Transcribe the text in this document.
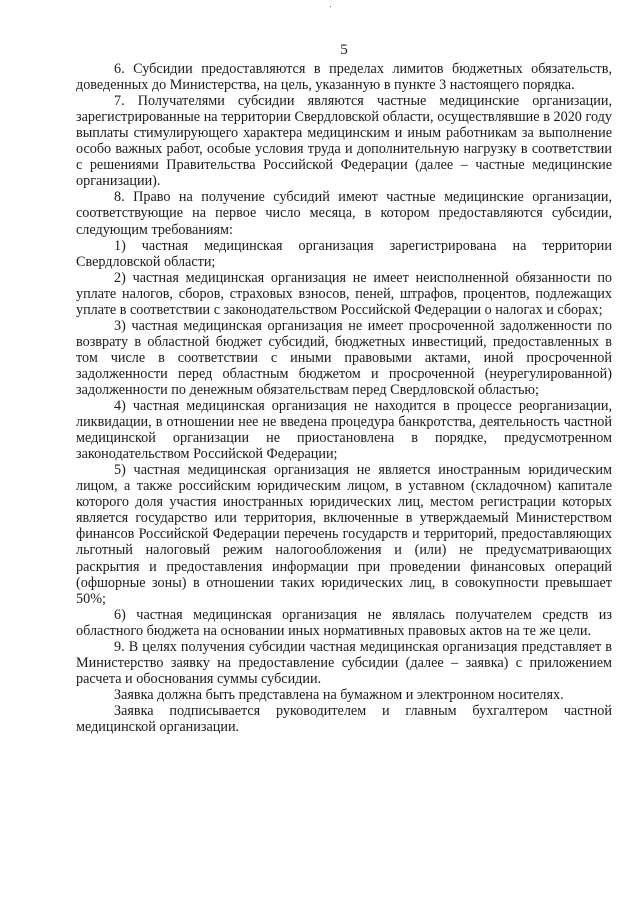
5

6. Субсидии предоставляются в пределах лимитов бюджетных обязательств, доведенных до Министерства, на цель, указанную в пункте 3 настоящего порядка.

7. Получателями субсидии являются частные медицинские организации, зарегистрированные на территории Свердловской области, осуществлявшие в 2020 году выплаты стимулирующего характера медицинским и иным работникам за выполнение особо важных работ, особые условия труда и дополнительную нагрузку в соответствии с решениями Правительства Российской Федерации (далее – частные медицинские организации).

8. Право на получение субсидий имеют частные медицинские организации, соответствующие на первое число месяца, в котором предоставляются субсидии, следующим требованиям:

1) частная медицинская организация зарегистрирована на территории Свердловской области;

2) частная медицинская организация не имеет неисполненной обязанности по уплате налогов, сборов, страховых взносов, пеней, штрафов, процентов, подлежащих уплате в соответствии с законодательством Российской Федерации о налогах и сборах;

3) частная медицинская организация не имеет просроченной задолженности по возврату в областной бюджет субсидий, бюджетных инвестиций, предоставленных в том числе в соответствии с иными правовыми актами, иной просроченной задолженности перед областным бюджетом и просроченной (неурегулированной) задолженности по денежным обязательствам перед Свердловской областью;

4) частная медицинская организация не находится в процессе реорганизации, ликвидации, в отношении нее не введена процедура банкротства, деятельность частной медицинской организации не приостановлена в порядке, предусмотренном законодательством Российской Федерации;

5) частная медицинская организация не является иностранным юридическим лицом, а также российским юридическим лицом, в уставном (складочном) капитале которого доля участия иностранных юридических лиц, местом регистрации которых является государство или территория, включенные в утверждаемый Министерством финансов Российской Федерации перечень государств и территорий, предоставляющих льготный налоговый режим налогообложения и (или) не предусматривающих раскрытия и предоставления информации при проведении финансовых операций (офшорные зоны) в отношении таких юридических лиц, в совокупности превышает 50%;

6) частная медицинская организация не являлась получателем средств из областного бюджета на основании иных нормативных правовых актов на те же цели.

9. В целях получения субсидии частная медицинская организация представляет в Министерство заявку на предоставление субсидии (далее – заявка) с приложением расчета и обоснования суммы субсидии.

Заявка должна быть представлена на бумажном и электронном носителях.

Заявка подписывается руководителем и главным бухгалтером частной медицинской организации.
